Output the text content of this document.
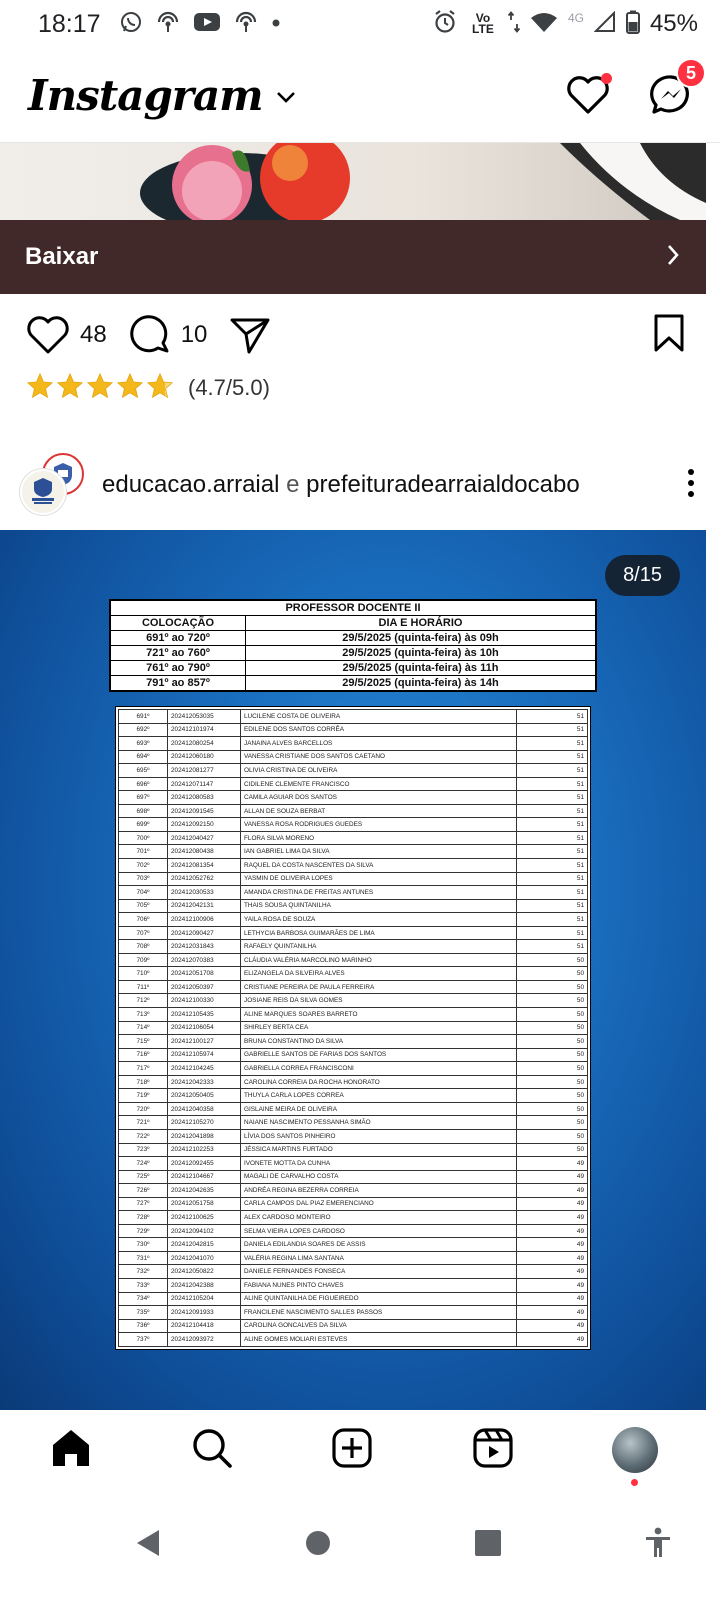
18:17	Vo LTE
4G	45%
Instagram	5
Baixar
48	10
(4.7/5.0)
educacao.arraial e prefeituradearraialdocabo
8/15
PROFESSOR DOCENTE II	
COLOCAÇÃO	DIA E HORÁRIO
691º ao 720º	29/5/2025 (quinta-feira) às 09h
721º ao 760º	29/5/2025 (quinta-feira) às 10h
761º ao 790º	29/5/2025 (quinta-feira) às 11h
791º ao 857º	29/5/2025 (quinta-feira) às 14h
691º	202412053035	LUCILENE COSTA DE OLIVEIRA	51
692º	202412101974	EDILENE DOS SANTOS CORRÊA	51
693º	202412080254	JANAINA ALVES BARCELLOS	51
694º	202412060180	VANESSA CRISTIANE DOS SANTOS CAETANO	51
695º	202412081277	OLIVIA CRISTINA DE OLIVEIRA	51
696º	202412071147	CIDILENE CLEMENTE FRANCISCO	51
697º	202412080583	CAMILA AGUIAR DOS SANTOS	51
698º	202412091545	ALLAN DE SOUZA BERBAT	51
699º	202412092150	VANESSA ROSA RODRIGUES GUEDES	51
700º	202412040427	FLORA SILVA MORENO	51
701º	202412080438	IAN GABRIEL LIMA DA SILVA	51
702º	202412081354	RAQUEL DA COSTA NASCENTES DA SILVA	51
703º	202412052762	YASMIN DE OLIVEIRA LOPES	51
704º	202412030533	AMANDA CRISTINA DE FREITAS ANTUNES	51
705º	202412042131	THAIS SOUSA QUINTANILHA	51
706º	202412100906	YAILA ROSA DE SOUZA	51
707º	202412090427	LETHYCIA BARBOSA GUIMARÃES DE LIMA	51
708º	202412031843	RAFAELY QUINTANILHA	51
709º	202412070383	CLÁUDIA VALÉRIA MARCOLINO MARINHO	50
710º	202412051708	ELIZANGELA DA SILVEIRA ALVES	50
711º	202412050397	CRISTIANE PEREIRA DE PAULA FERREIRA	50
712º	202412100330	JOSIANE REIS DA SILVA GOMES	50
713º	202412105435	ALINE MARQUES SOARES BARRETO	50
714º	202412106054	SHIRLEY BERTA CEA	50
715º	202412100127	BRUNA CONSTANTINO DA SILVA	50
716º	202412105974	GABRIELLE SANTOS DE FARIAS DOS SANTOS	50
717º	202412104245	GABRIELLA CORREA FRANCISCONI	50
718º	202412042333	CAROLINA CORREIA DA ROCHA HONORATO	50
719º	202412050405	THUYLA CARLA LOPES CORREA	50
720º	202412040358	GISLAINE MEIRA DE OLIVEIRA	50
721º	202412105270	NAIANE NASCIMENTO PESSANHA SIMÃO	50
722º	202412041898	LÍVIA DOS SANTOS PINHEIRO	50
723º	202412102253	JÉSSICA MARTINS FURTADO	50
724º	202412092455	IVONETE MOTTA DA CUNHA	49
725º	202412104667	MAGALI DE CARVALHO COSTA	49
726º	202412042635	ANDRÉA REGINA BEZERRA CORREIA	49
727º	202412051758	CARLA CAMPOS DAL PIAZ EMERENCIANO	49
728º	202412100625	ALEX CARDOSO MONTEIRO	49
729º	202412094102	SELMA VIEIRA LOPES CARDOSO	49
730º	202412042815	DANIELA EDILANDIA SOARES DE ASSIS	49
731º	202412041070	VALÉRIA REGINA LIMA SANTANA	49
732º	202412050822	DANIELE FERNANDES FONSECA	49
733º	202412042388	FABIANA NUNES PINTO CHAVES	49
734º	202412105204	ALINE QUINTANILHA DE FIGUEIREDO	49
735º	202412091933	FRANCILENE NASCIMENTO SALLES PASSOS	49
736º	202412104418	CAROLINA GONCALVES DA SILVA	49
737º	202412093972	ALINE GOMES MOLIARI ESTEVES	49
